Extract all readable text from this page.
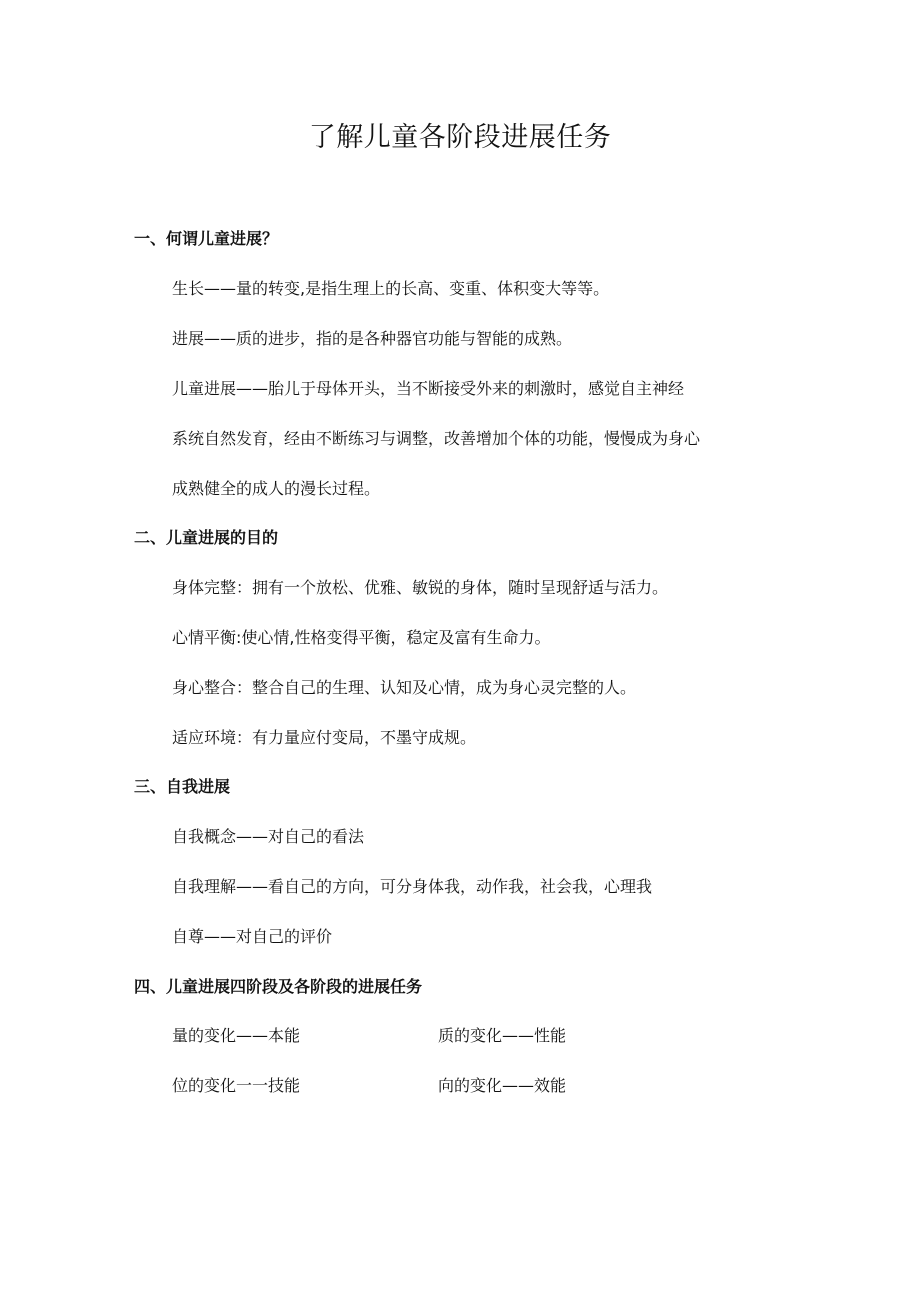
了解儿童各阶段进展任务
一、何谓儿童进展？

生长——量的转变,是指生理上的长高、变重、体积变大等等。

进展——质的进步，指的是各种器官功能与智能的成熟。

儿童进展——胎儿于母体开头，当不断接受外来的刺激时，感觉自主神经

系统自然发育，经由不断练习与调整，改善增加个体的功能，慢慢成为身心

成熟健全的成人的漫长过程。

二、儿童进展的目的

身体完整：拥有一个放松、优雅、敏锐的身体，随时呈现舒适与活力。

心情平衡:使心情,性格变得平衡，稳定及富有生命力。

身心整合：整合自己的生理、认知及心情，成为身心灵完整的人。

适应环境：有力量应付变局，不墨守成规。

三、自我进展

自我概念——对自己的看法

自我理解——看自己的方向，可分身体我，动作我，社会我，心理我

自尊——对自己的评价

四、儿童进展四阶段及各阶段的进展任务

量的变化——本能	质的变化——性能

位的变化一一技能	向的变化——效能
